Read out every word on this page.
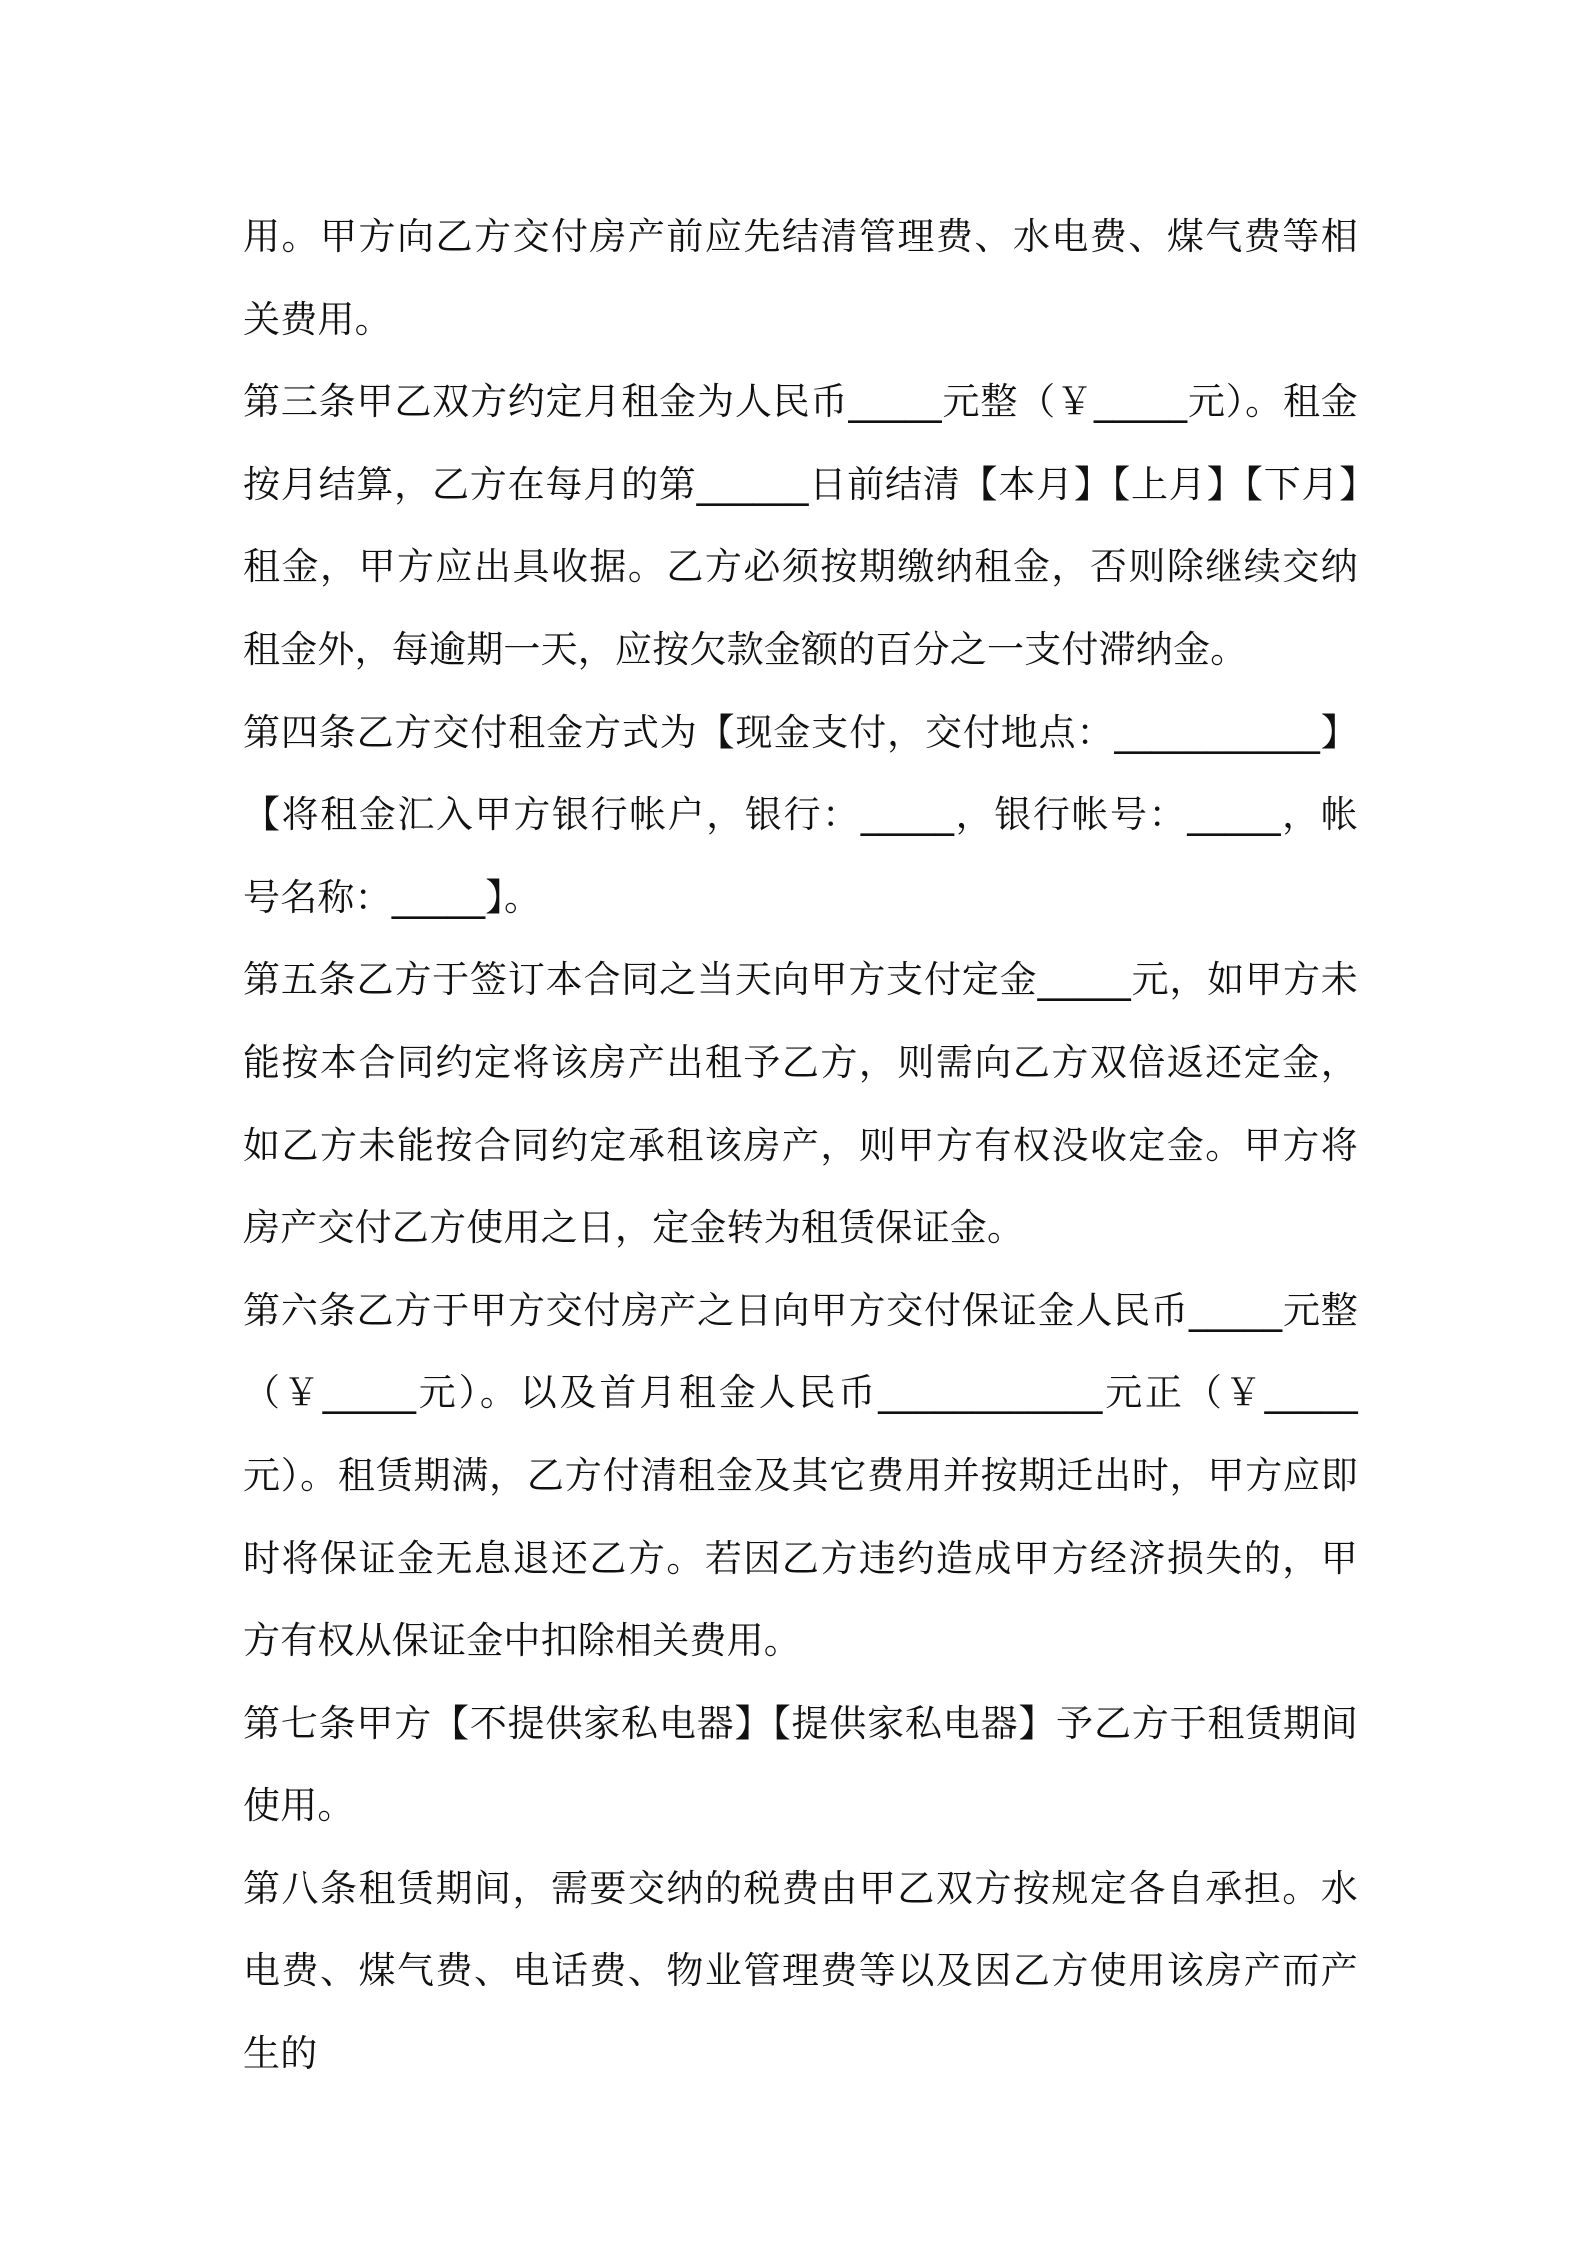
用。甲方向乙方交付房产前应先结清管理费、水电费、煤气费等相关费用。

第三条甲乙双方约定月租金为人民币_____元整（￥_____元）。租金按月结算，乙方在每月的第______日前结清【本月】【上月】【下月】租金，甲方应出具收据。乙方必须按期缴纳租金，否则除继续交纳租金外，每逾期一天，应按欠款金额的百分之一支付滞纳金。

第四条乙方交付租金方式为【现金支付，交付地点：___________】【将租金汇入甲方银行帐户，银行：_____，银行帐号：_____，帐号名称：_____】。

第五条乙方于签订本合同之当天向甲方支付定金_____元，如甲方未能按本合同约定将该房产出租予乙方，则需向乙方双倍返还定金，如乙方未能按合同约定承租该房产，则甲方有权没收定金。甲方将房产交付乙方使用之日，定金转为租赁保证金。

第六条乙方于甲方交付房产之日向甲方交付保证金人民币_____元整（￥_____元）。以及首月租金人民币____________元正（￥_____元）。租赁期满，乙方付清租金及其它费用并按期迁出时，甲方应即时将保证金无息退还乙方。若因乙方违约造成甲方经济损失的，甲方有权从保证金中扣除相关费用。

第七条甲方【不提供家私电器】【提供家私电器】予乙方于租赁期间使用。

第八条租赁期间，需要交纳的税费由甲乙双方按规定各自承担。水电费、煤气费、电话费、物业管理费等以及因乙方使用该房产而产生的
